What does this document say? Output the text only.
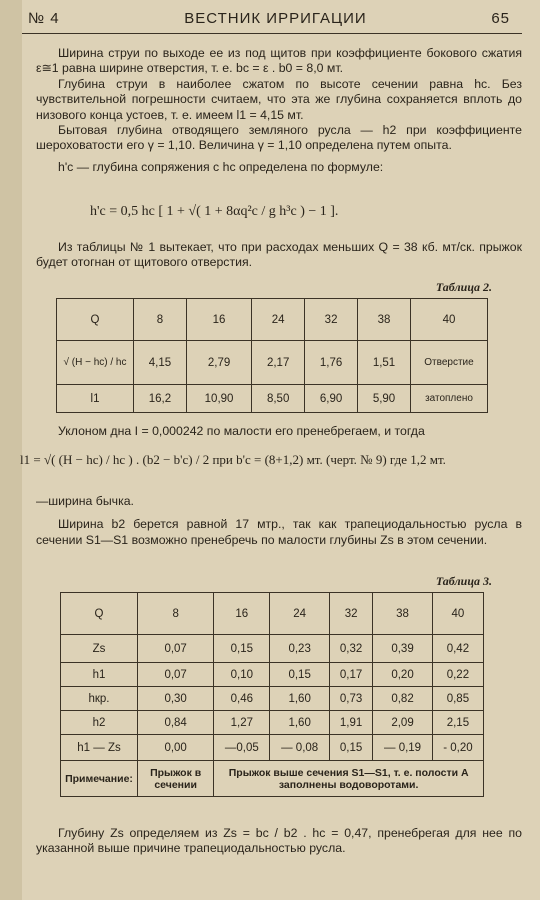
№ 4	ВЕСТНИК ИРРИГАЦИИ	65

Ширина струи по выходе ее из под щитов при коэффициенте бокового сжатия ε≅1 равна ширине отверстия, т. е. bс = ε . b0 = 8,0 мт.

Глубина струи в наиболее сжатом по высоте сечении равна hс. Без чувствительной погрешности считаем, что эта же глубина сохраняется вплоть до низового конца устоев, т. е. имеем l1 = 4,15 мт.

Бытовая глубина отводящего земляного русла — h2 при коэффициенте шероховатости его γ = 1,10. Величина γ = 1,10 определена путем опыта.

h'с — глубина сопряжения с hс определена по формуле:

h'с = 0,5 hс [ 1 + √( 1 + 8αq²с / g h³с ) − 1 ].

Из таблицы № 1 вытекает, что при расходах меньших Q = 38 кб. мт/ск. прыжок будет отогнан от щитового отверстия.

Таблица 2.
Q	8	16	24	32	38	40
√ (H − hс) / hс	4,15	2,79	2,17	1,76	1,51	Отверстие
l1	16,2	10,90	8,50	6,90	5,90	затоплено

Уклоном дна I = 0,000242 по малости его пренебрегаем, и тогда

l1 = √( (H − hс) / hс ) . (b2 − b'с) / 2 при b'с = (8+1,2) мт. (черт. № 9) где 1,2 мт.

—ширина бычка.

Ширина b2 берется равной 17 мтр., так как трапециодальностью русла в сечении S1—S1 возможно пренебречь по малости глубины Zs в этом сечении.

Таблица 3.
Q	8	16	24	32	38	40
Zs	0,07	0,15	0,23	0,32	0,39	0,42
h1	0,07	0,10	0,15	0,17	0,20	0,22
hкр.	0,30	0,46	1,60	0,73	0,82	0,85
h2	0,84	1,27	1,60	1,91	2,09	2,15
h1 — Zs	0,00	—0,05	— 0,08	0,15	— 0,19	- 0,20
Примечание:	Прыжок в сечении	Прыжок выше сечения S1—S1, т. е. полости А заполнены водоворотами.				

Глубину Zs определяем из Zs = bс / b2 . hс = 0,47, пренебрегая для нее по указанной выше причине трапециодальностью русла.
